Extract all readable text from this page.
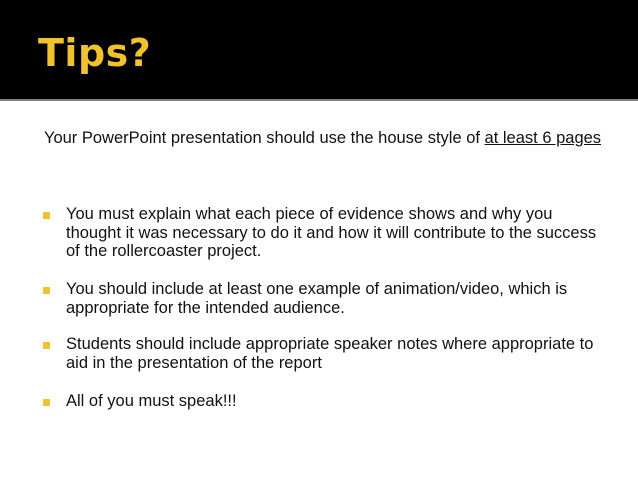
Tips?

Your PowerPoint presentation should use the house style of at least 6 pages

You must explain what each piece of evidence shows and why you thought it was necessary to do it and how it will contribute to the success of the rollercoaster project.

You should include at least one example of animation/video, which is appropriate for the intended audience.

Students should include appropriate speaker notes where appropriate to aid in the presentation of the report

All of you must speak!!!
